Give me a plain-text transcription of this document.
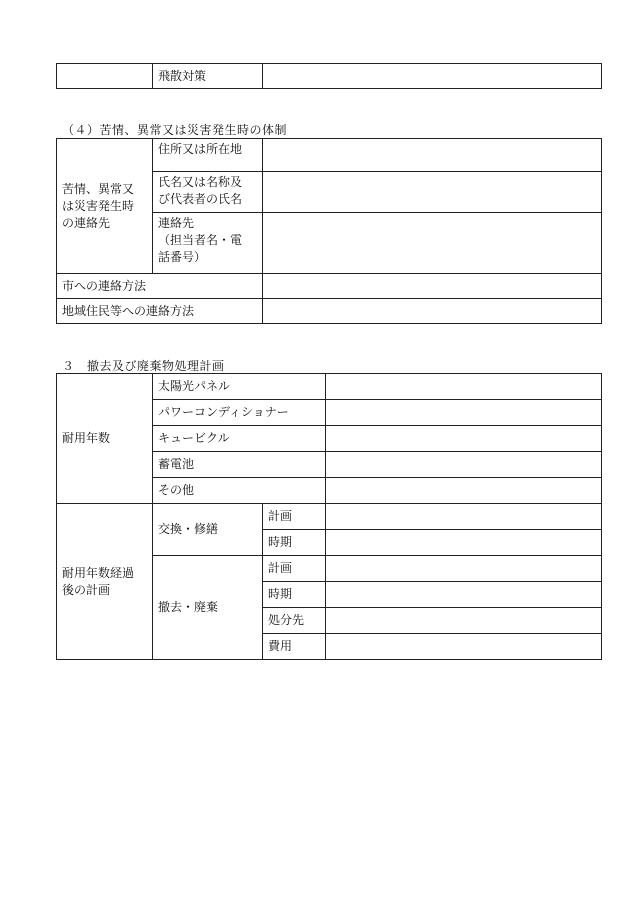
	飛散対策	
（４）苦情、異常又は災害発生時の体制
苦情、異常又
は災害発生時
の連絡先	住所又は所在地	

	氏名又は名称及
び代表者の氏名	

	連絡先
（担当者名・電
話番号）	

市への連絡方法		
地域住民等への連絡方法		
３　撤去及び廃棄物処理計画
耐用年数	太陽光パネル		
	パワーコンディショナー		
	キュービクル		
	蓄電池		
	その他		

耐用年数経過
後の計画	交換・修繕	計画	
		時期	
	撤去・廃棄	計画	
		時期	
		処分先	
		費用	
